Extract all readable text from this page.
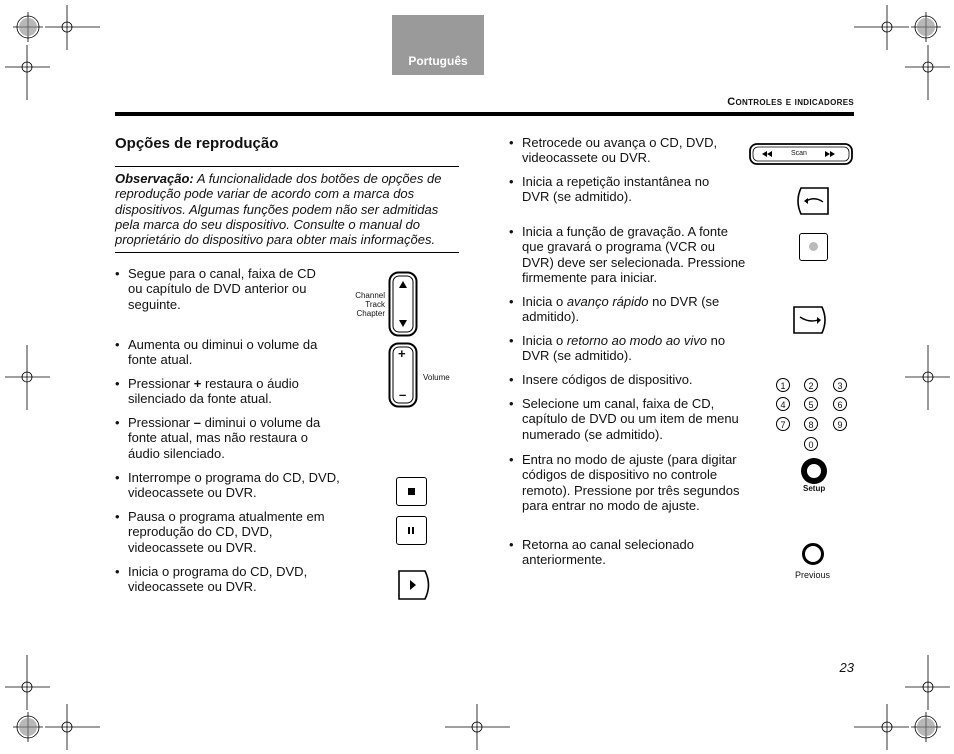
Português
Controles e indicadores
Opções de reprodução
Observação: A funcionalidade dos botões de opções de reprodução pode variar de acordo com a marca dos dispositivos. Algumas funções podem não ser admitidas pela marca do seu dispositivo. Consulte o manual do proprietário do dispositivo para obter mais informações.
• Segue para o canal, faixa de CD ou capítulo de DVD anterior ou seguinte.
• Aumenta ou diminui o volume da fonte atual.
• Pressionar + restaura o áudio silenciado da fonte atual.
• Pressionar – diminui o volume da fonte atual, mas não restaura o áudio silenciado.
• Interrompe o programa do CD, DVD, videocassete ou DVR.
• Pausa o programa atualmente em reprodução do CD, DVD, videocassete ou DVR.
• Inicia o programa do CD, DVD, videocassete ou DVR.
Channel
Track
Chapter
+
–
Volume
• Retrocede ou avança o CD, DVD, videocassete ou DVR.
• Inicia a repetição instantânea no DVR (se admitido).
• Inicia a função de gravação. A fonte que gravará o programa (VCR ou DVR) deve ser selecionada. Pressione firmemente para iniciar.
• Inicia o avanço rápido no DVR (se admitido).
• Inicia o retorno ao modo ao vivo no DVR (se admitido).
• Insere códigos de dispositivo.
• Selecione um canal, faixa de CD, capítulo de DVD ou um item de menu numerado (se admitido).
• Entra no modo de ajuste (para digitar códigos de dispositivo no controle remoto). Pressione por três segundos para entrar no modo de ajuste.
• Retorna ao canal selecionado anteriormente.
Scan
1	2	3
4	5	6
7	8	9
0
Setup
Previous
23
